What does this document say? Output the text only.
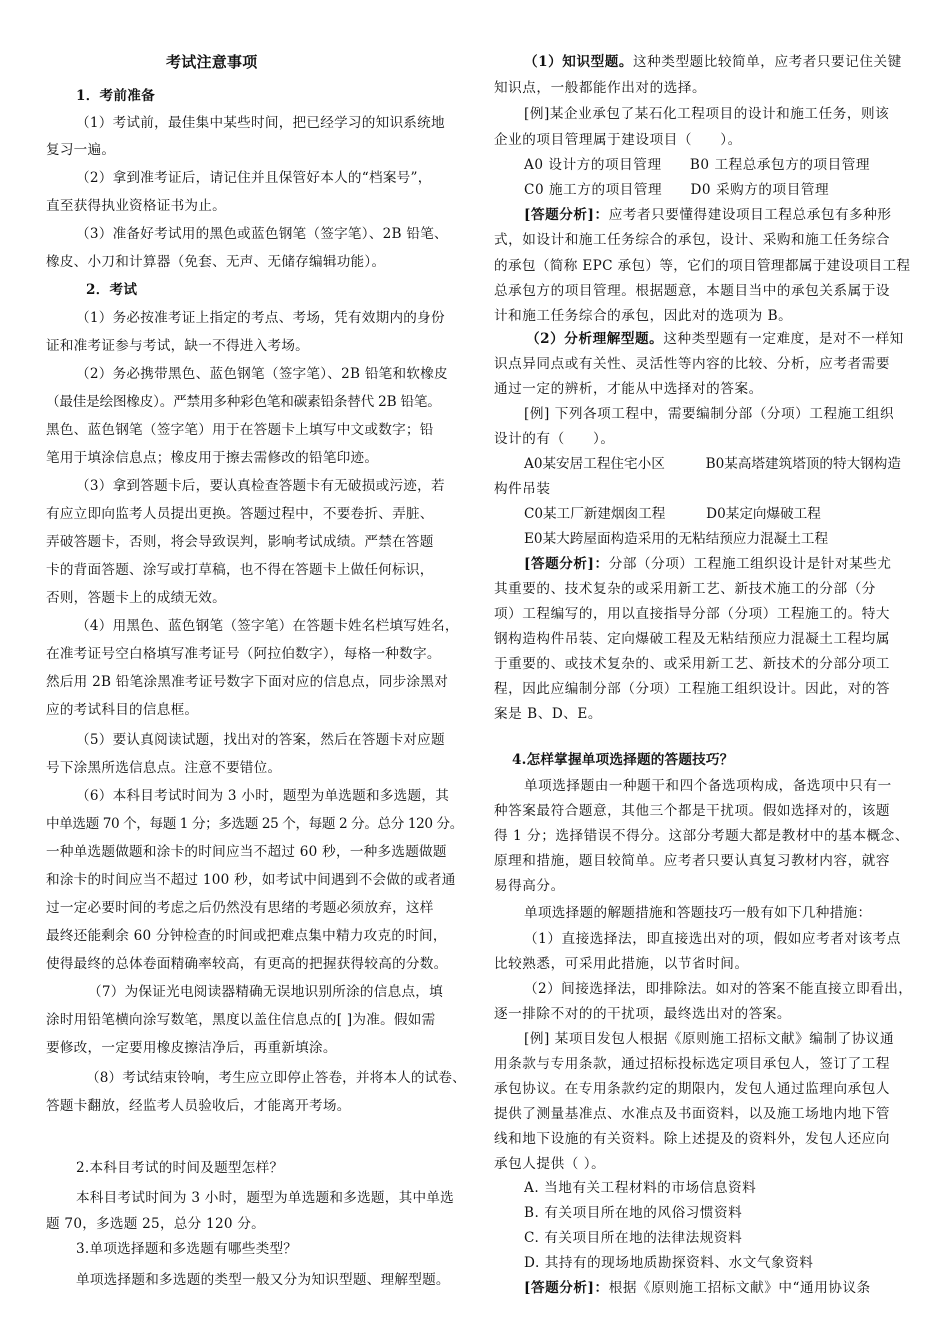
考试注意事项
1．考前准备
（1）考试前，最佳集中某些时间，把已经学习的知识系统地
复习一遍。
（2）拿到准考证后，请记住并且保管好本人的“档案号”，
直至获得执业资格证书为止。
（3）准备好考试用的黑色或蓝色钢笔（签字笔）、2B 铅笔、
橡皮、小刀和计算器（免套、无声、无储存编辑功能）。
2．考试
（1）务必按准考证上指定的考点、考场，凭有效期内的身份
证和准考证参与考试，缺一不得进入考场。
（2）务必携带黑色、蓝色钢笔（签字笔）、2B 铅笔和软橡皮
（最佳是绘图橡皮）。严禁用多种彩色笔和碳素铅条替代 2B 铅笔。
黑色、蓝色钢笔（签字笔）用于在答题卡上填写中文或数字；铅
笔用于填涂信息点；橡皮用于擦去需修改的铅笔印迹。
（3）拿到答题卡后，要认真检查答题卡有无破损或污迹，若
有应立即向监考人员提出更换。答题过程中，不要卷折、弄脏、
弄破答题卡，否则，将会导致误判，影响考试成绩。严禁在答题
卡的背面答题、涂写或打草稿，也不得在答题卡上做任何标识，
否则，答题卡上的成绩无效。
（4）用黑色、蓝色钢笔（签字笔）在答题卡姓名栏填写姓名，
在准考证号空白格填写准考证号（阿拉伯数字），每格一种数字。
然后用 2B 铅笔涂黑准考证号数字下面对应的信息点，同步涂黑对
应的考试科目的信息框。
（5）要认真阅读试题，找出对的答案，然后在答题卡对应题
号下涂黑所选信息点。注意不要错位。
（6）本科目考试时间为 3 小时，题型为单选题和多选题，其
中单选题 70 个，每题 1 分；多选题 25 个，每题 2 分。总分 120 分。
一种单选题做题和涂卡的时间应当不超过 60 秒，一种多选题做题
和涂卡的时间应当不超过 100 秒，如考试中间遇到不会做的或者通
过一定必要时间的考虑之后仍然没有思绪的考题必须放弃，这样
最终还能剩余 60 分钟检查的时间或把难点集中精力攻克的时间，
使得最终的总体卷面精确率较高，有更高的把握获得较高的分数。
（7）为保证光电阅读器精确无误地识别所涂的信息点，填
涂时用铅笔横向涂写数笔，黑度以盖住信息点的[ ]为准。假如需
要修改，一定要用橡皮擦洁净后，再重新填涂。
（8）考试结束铃响，考生应立即停止答卷，并将本人的试卷、
答题卡翻放，经监考人员验收后，才能离开考场。
2.本科目考试的时间及题型怎样？
本科目考试时间为 3 小时，题型为单选题和多选题，其中单选
题 70，多选题 25，总分 120 分。
3.单项选择题和多选题有哪些类型？
单项选择题和多选题的类型一般又分为知识型题、理解型题。
（1）知识型题。这种类型题比较简单，应考者只要记住关键
知识点，一般都能作出对的选择。
[例]某企业承包了某石化工程项目的设计和施工任务，则该
企业的项目管理属于建设项目（　　）。
A0 设计方的项目管理　　B0 工程总承包方的项目管理
C0 施工方的项目管理　　D0 采购方的项目管理
[答题分析]：应考者只要懂得建设项目工程总承包有多种形
式，如设计和施工任务综合的承包，设计、采购和施工任务综合
的承包（简称 EPC 承包）等，它们的项目管理都属于建设项目工程
总承包方的项目管理。根据题意，本题目当中的承包关系属于设
计和施工任务综合的承包，因此对的选项为 B。
（2）分析理解型题。这种类型题有一定难度，是对不一样知
识点异同点或有关性、灵活性等内容的比较、分析，应考者需要
通过一定的辨析，才能从中选择对的答案。
[例] 下列各项工程中，需要编制分部（分项）工程施工组织
设计的有（　　）。
A0某安居工程住宅小区　　　B0某高塔建筑塔顶的特大钢构造
构件吊装
C0某工厂新建烟囱工程　　　D0某定向爆破工程
E0某大跨屋面构造采用的无粘结预应力混凝土工程
[答题分析]：分部（分项）工程施工组织设计是针对某些尤
其重要的、技术复杂的或采用新工艺、新技术施工的分部（分
项）工程编写的，用以直接指导分部（分项）工程施工的。特大
钢构造构件吊装、定向爆破工程及无粘结预应力混凝土工程均属
于重要的、或技术复杂的、或采用新工艺、新技术的分部分项工
程，因此应编制分部（分项）工程施工组织设计。因此，对的答
案是 B、D、E。
4.怎样掌握单项选择题的答题技巧？
单项选择题由一种题干和四个备选项构成，备选项中只有一
种答案最符合题意，其他三个都是干扰项。假如选择对的，该题
得 1 分；选择错误不得分。这部分考题大都是教材中的基本概念、
原理和措施，题目较简单。应考者只要认真复习教材内容，就容
易得高分。
单项选择题的解题措施和答题技巧一般有如下几种措施：
（1）直接选择法，即直接选出对的项，假如应考者对该考点
比较熟悉，可采用此措施，以节省时间。
（2）间接选择法，即排除法。如对的答案不能直接立即看出，
逐一排除不对的的干扰项，最终选出对的答案。
[例] 某项目发包人根据《原则施工招标文献》编制了协议通
用条款与专用条款，通过招标投标选定项目承包人，签订了工程
承包协议。在专用条款约定的期限内，发包人通过监理向承包人
提供了测量基准点、水准点及书面资料，以及施工场地内地下管
线和地下设施的有关资料。除上述提及的资料外，发包人还应向
承包人提供（ ）。
A. 当地有关工程材料的市场信息资料
B. 有关项目所在地的风俗习惯资料
C. 有关项目所在地的法律法规资料
D. 其持有的现场地质勘探资料、水文气象资料
[答题分析]：根据《原则施工招标文献》中“通用协议条
